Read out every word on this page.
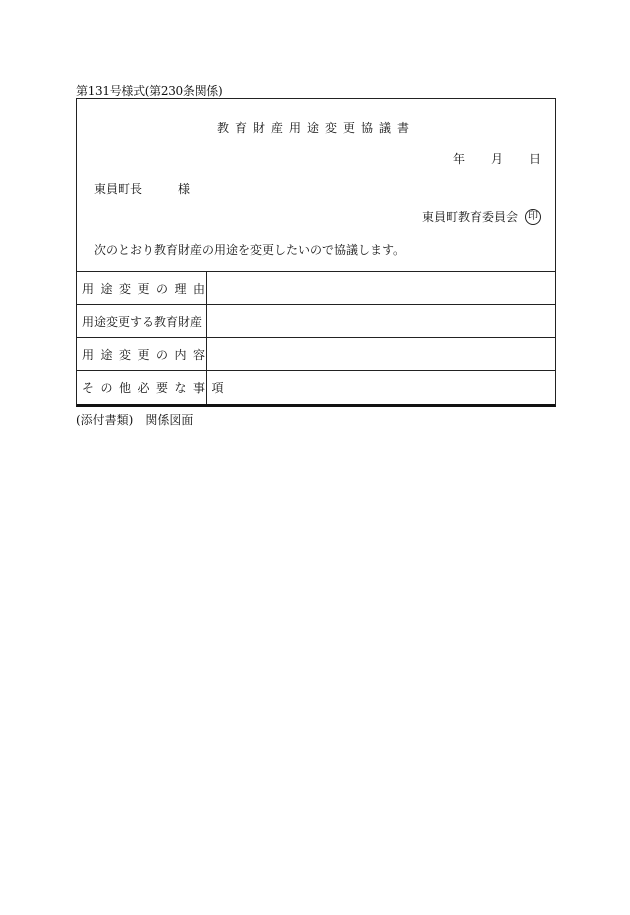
第131号様式(第230条関係)
教育財産用途変更協議書
年 月 日
東員町長	様
東員町教育委員会	印
次のとおり教育財産の用途を変更したいので協議します。
用途変更の理由
用途変更する教育財産
用途変更の内容
その他必要な事項
(添付書類) 関係図面
